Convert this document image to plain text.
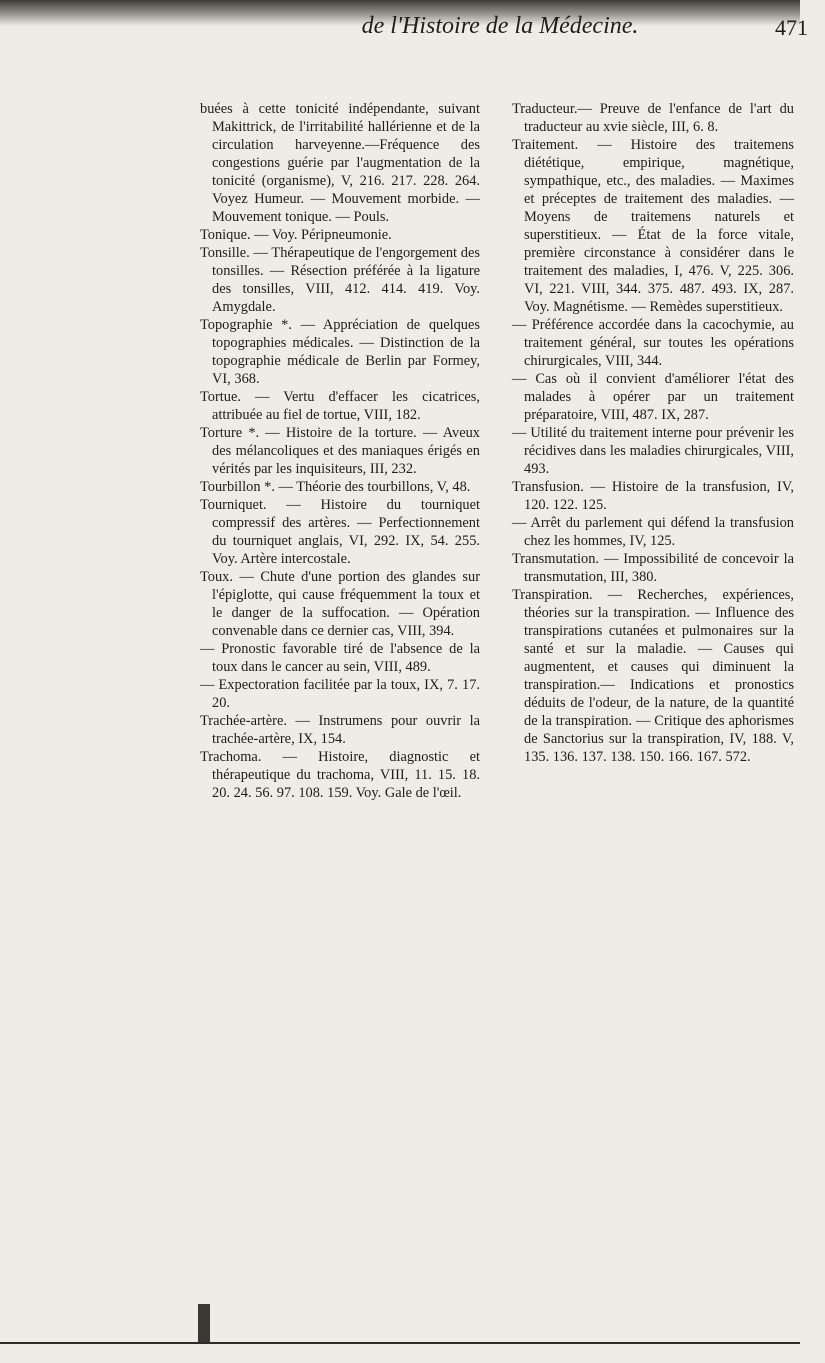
de l'Histoire de la Médecine.	471

buées à cette tonicité indépendante, suivant Makittrick, de l'irritabilité hallérienne et de la circulation harveyenne.—Fréquence des congestions guérie par l'augmentation de la tonicité (organisme), V, 216. 217. 228. 264. Voyez Humeur. — Mouvement morbide. — Mouvement tonique. — Pouls.

Tonique. — Voy. Péripneumonie.

Tonsille. — Thérapeutique de l'engorgement des tonsilles. — Résection préférée à la ligature des tonsilles, VIII, 412. 414. 419. Voy. Amygdale.

Topographie *. — Appréciation de quelques topographies médicales. — Distinction de la topographie médicale de Berlin par Formey, VI, 368.

Tortue. — Vertu d'effacer les cicatrices, attribuée au fiel de tortue, VIII, 182.

Torture *. — Histoire de la torture. — Aveux des mélancoliques et des maniaques érigés en vérités par les inquisiteurs, III, 232.

Tourbillon *. — Théorie des tourbillons, V, 48.

Tourniquet. — Histoire du tourniquet compressif des artères. — Perfectionnement du tourniquet anglais, VI, 292. IX, 54. 255. Voy. Artère intercostale.

Toux. — Chute d'une portion des glandes sur l'épiglotte, qui cause fréquemment la toux et le danger de la suffocation. — Opération convenable dans ce dernier cas, VIII, 394.

— Pronostic favorable tiré de l'absence de la toux dans le cancer au sein, VIII, 489.

— Expectoration facilitée par la toux, IX, 7. 17. 20.

Trachée-artère. — Instrumens pour ouvrir la trachée-artère, IX, 154.

Trachoma. — Histoire, diagnostic et thérapeutique du trachoma, VIII, 11. 15. 18. 20. 24. 56. 97. 108. 159. Voy. Gale de l'œil.

Traducteur.— Preuve de l'enfance de l'art du traducteur au xvie siècle, III, 6. 8.

Traitement. — Histoire des traitemens diététique, empirique, magnétique, sympathique, etc., des maladies. — Maximes et préceptes de traitement des maladies. — Moyens de traitemens naturels et superstitieux. — État de la force vitale, première circonstance à considérer dans le traitement des maladies, I, 476. V, 225. 306. VI, 221. VIII, 344. 375. 487. 493. IX, 287. Voy. Magnétisme. — Remèdes superstitieux.

— Préférence accordée dans la cacochymie, au traitement général, sur toutes les opérations chirurgicales, VIII, 344.

— Cas où il convient d'améliorer l'état des malades à opérer par un traitement préparatoire, VIII, 487. IX, 287.

— Utilité du traitement interne pour prévenir les récidives dans les maladies chirurgicales, VIII, 493.

Transfusion. — Histoire de la transfusion, IV, 120. 122. 125.

— Arrêt du parlement qui défend la transfusion chez les hommes, IV, 125.

Transmutation. — Impossibilité de concevoir la transmutation, III, 380.

Transpiration. — Recherches, expériences, théories sur la transpiration. — Influence des transpirations cutanées et pulmonaires sur la santé et sur la maladie. — Causes qui augmentent, et causes qui diminuent la transpiration.— Indications et pronostics déduits de l'odeur, de la nature, de la quantité de la transpiration. — Critique des aphorismes de Sanctorius sur la transpiration, IV, 188. V, 135. 136. 137. 138. 150. 166. 167. 572.
